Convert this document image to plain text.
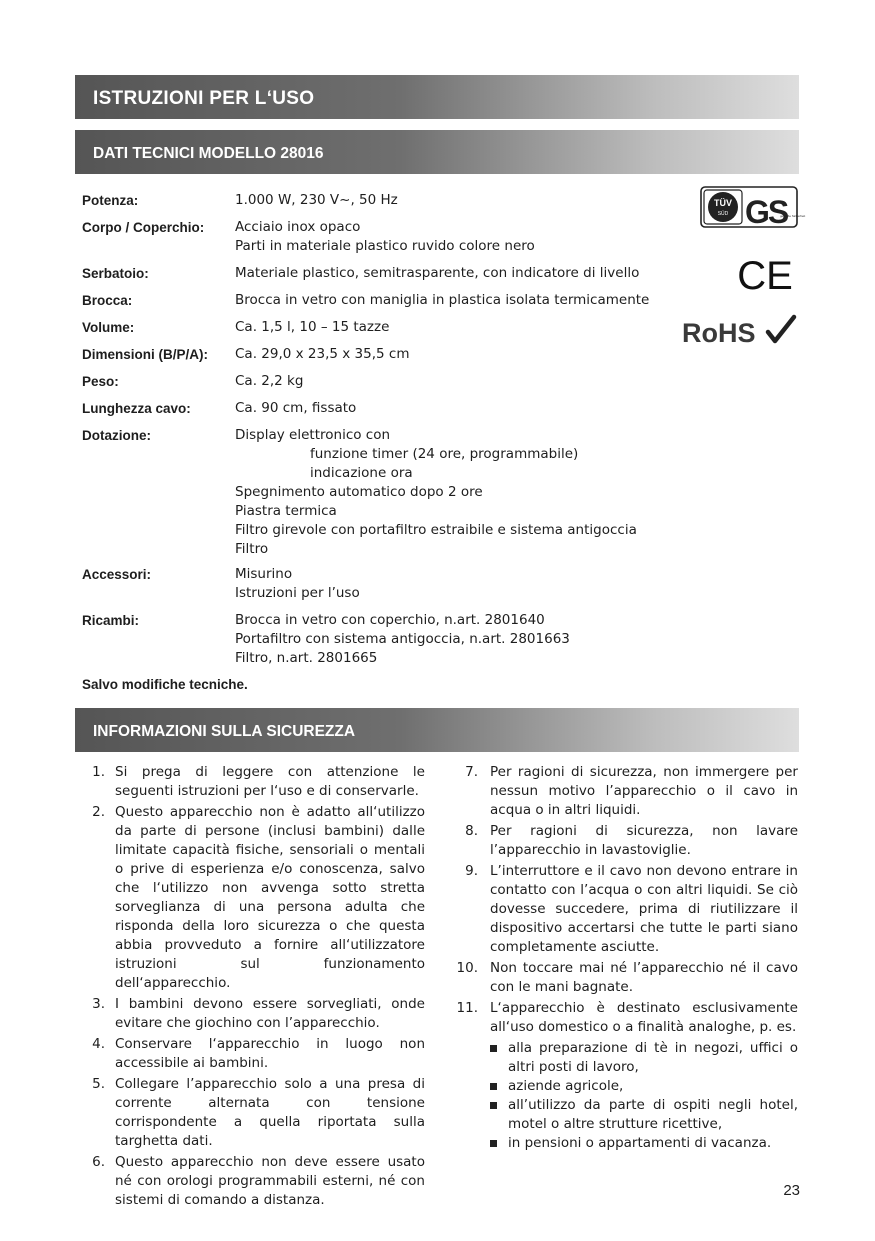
ISTRUZIONI PER L‘USO
DATI TECNICI MODELLO 28016
Potenza:	1.000 W, 230 V~, 50 Hz
Corpo / Coperchio:	Acciaio inox opaco
Parti in materiale plastico ruvido colore nero
Serbatoio:	Materiale plastico, semitrasparente, con indicatore di livello
Brocca:	Brocca in vetro con maniglia in plastica isolata termicamente
Volume:	Ca. 1,5 l, 10 – 15 tazze
Dimensioni (B/P/A):	Ca. 29,0 x 23,5 x 35,5 cm
Peso:	Ca. 2,2 kg
Lunghezza cavo:	Ca. 90 cm, fissato
Dotazione:	Display elettronico con
funzione timer (24 ore, programmabile)
indicazione ora
Spegnimento automatico dopo 2 ore
Piastra termica
Filtro girevole con portafiltro estraibile e sistema antigoccia
Filtro
Accessori:	Misurino
Istruzioni per l’uso
Ricambi:	Brocca in vetro con coperchio, n.art. 2801640
Portafiltro con sistema antigoccia, n.art. 2801663
Filtro, n.art. 2801665
Salvo modifiche tecniche.
TÜV
SÜD GS
geprüfte Sicherheit
CE
RoHS
INFORMAZIONI SULLA SICUREZZA
1. Si prega di leggere con attenzione le seguenti istruzioni per l‘uso e di conservarle.
2. Questo apparecchio non è adatto all‘utilizzo da parte di persone (inclusi bambini) dalle limitate capacità fisiche, sensoriali o mentali o prive di esperienza e/o conoscenza, salvo che l‘utilizzo non avvenga sotto stretta sorveglianza di una persona adulta che risponda della loro sicurezza o che questa abbia provveduto a fornire all‘utilizzatore istruzioni sul funzionamento dell‘apparecchio.
3. I bambini devono essere sorvegliati, onde evitare che giochino con l’apparecchio.
4. Conservare l‘apparecchio in luogo non accessibile ai bambini.
5. Collegare l’apparecchio solo a una presa di corrente alternata con tensione corrispondente a quella riportata sulla targhetta dati.
6. Questo apparecchio non deve essere usato né con orologi programmabili esterni, né con sistemi di comando a distanza.
7. Per ragioni di sicurezza, non immergere per nessun motivo l’apparecchio o il cavo in acqua o in altri liquidi.
8. Per ragioni di sicurezza, non lavare l’apparecchio in lavastoviglie.
9. L’interruttore e il cavo non devono entrare in contatto con l’acqua o con altri liquidi. Se ciò dovesse succedere, prima di riutilizzare il dispositivo accertarsi che tutte le parti siano completamente asciutte.
10. Non toccare mai né l’apparecchio né il cavo con le mani bagnate.
11. L‘apparecchio è destinato esclusivamente all‘uso domestico o a finalità analoghe, p. es.
alla preparazione di tè in negozi, uffici o altri posti di lavoro,
aziende agricole,
all’utilizzo da parte di ospiti negli hotel, motel o altre strutture ricettive,
in pensioni o appartamenti di vacanza.
23
